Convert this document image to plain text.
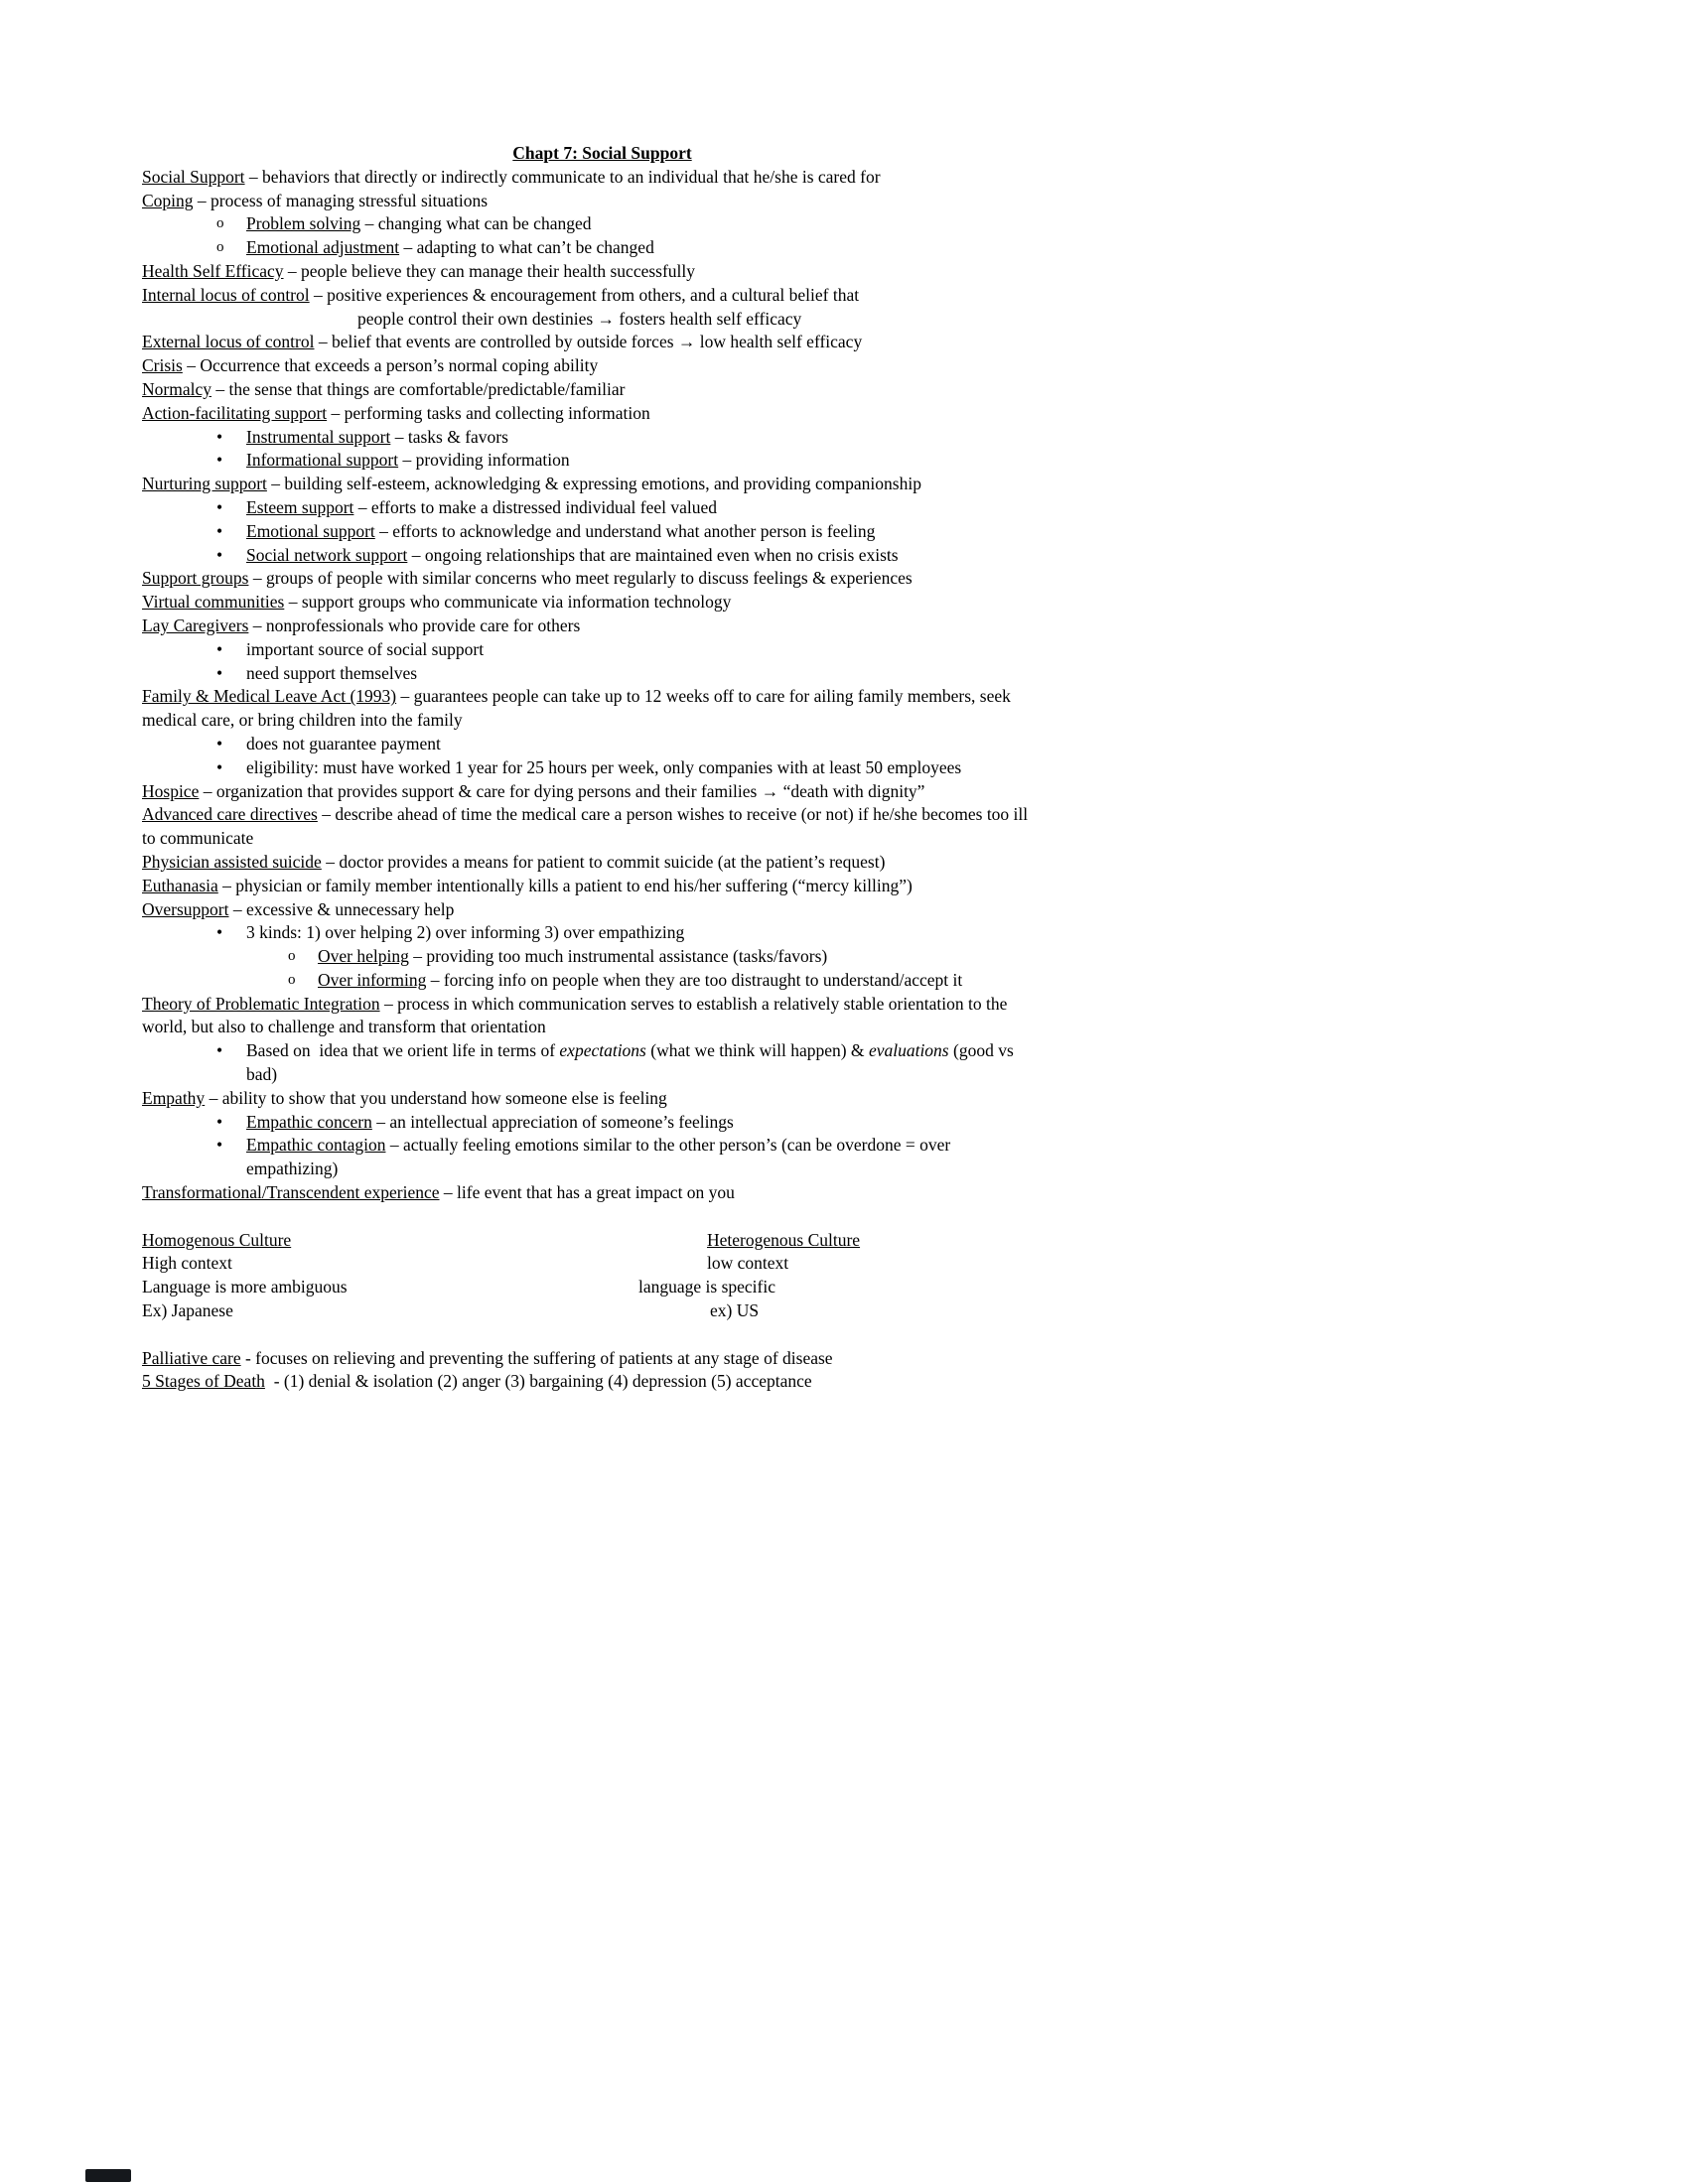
Chapt 7: Social Support
Social Support – behaviors that directly or indirectly communicate to an individual that he/she is cared for
Coping – process of managing stressful situations
o Problem solving – changing what can be changed
o Emotional adjustment – adapting to what can’t be changed
Health Self Efficacy – people believe they can manage their health successfully
Internal locus of control – positive experiences & encouragement from others, and a cultural belief that
people control their own destinies → fosters health self efficacy
External locus of control – belief that events are controlled by outside forces → low health self efficacy
Crisis – Occurrence that exceeds a person’s normal coping ability
Normalcy – the sense that things are comfortable/predictable/familiar
Action-facilitating support – performing tasks and collecting information
• Instrumental support – tasks & favors
• Informational support – providing information
Nurturing support – building self-esteem, acknowledging & expressing emotions, and providing companionship
• Esteem support – efforts to make a distressed individual feel valued
• Emotional support – efforts to acknowledge and understand what another person is feeling
• Social network support – ongoing relationships that are maintained even when no crisis exists
Support groups – groups of people with similar concerns who meet regularly to discuss feelings & experiences
Virtual communities – support groups who communicate via information technology
Lay Caregivers – nonprofessionals who provide care for others
• important source of social support
• need support themselves
Family & Medical Leave Act (1993) – guarantees people can take up to 12 weeks off to care for ailing family members, seek
medical care, or bring children into the family
• does not guarantee payment
• eligibility: must have worked 1 year for 25 hours per week, only companies with at least 50 employees
Hospice – organization that provides support & care for dying persons and their families → “death with dignity”
Advanced care directives – describe ahead of time the medical care a person wishes to receive (or not) if he/she becomes too ill
to communicate
Physician assisted suicide – doctor provides a means for patient to commit suicide (at the patient’s request)
Euthanasia – physician or family member intentionally kills a patient to end his/her suffering (“mercy killing”)
Oversupport – excessive & unnecessary help
• 3 kinds: 1) over helping 2) over informing 3) over empathizing
o Over helping – providing too much instrumental assistance (tasks/favors)
o Over informing – forcing info on people when they are too distraught to understand/accept it
Theory of Problematic Integration – process in which communication serves to establish a relatively stable orientation to the
world, but also to challenge and transform that orientation
• Based on  idea that we orient life in terms of expectations (what we think will happen) & evaluations (good vs
bad)
Empathy – ability to show that you understand how someone else is feeling
• Empathic concern – an intellectual appreciation of someone’s feelings
• Empathic contagion – actually feeling emotions similar to the other person’s (can be overdone = over
empathizing)
Transformational/Transcendent experience – life event that has a great impact on you
Homogenous Culture	Heterogenous Culture
High context	low context
Language is more ambiguous	language is specific
Ex) Japanese	ex) US
Palliative care - focuses on relieving and preventing the suffering of patients at any stage of disease
5 Stages of Death  - (1) denial & isolation (2) anger (3) bargaining (4) depression (5) acceptance
